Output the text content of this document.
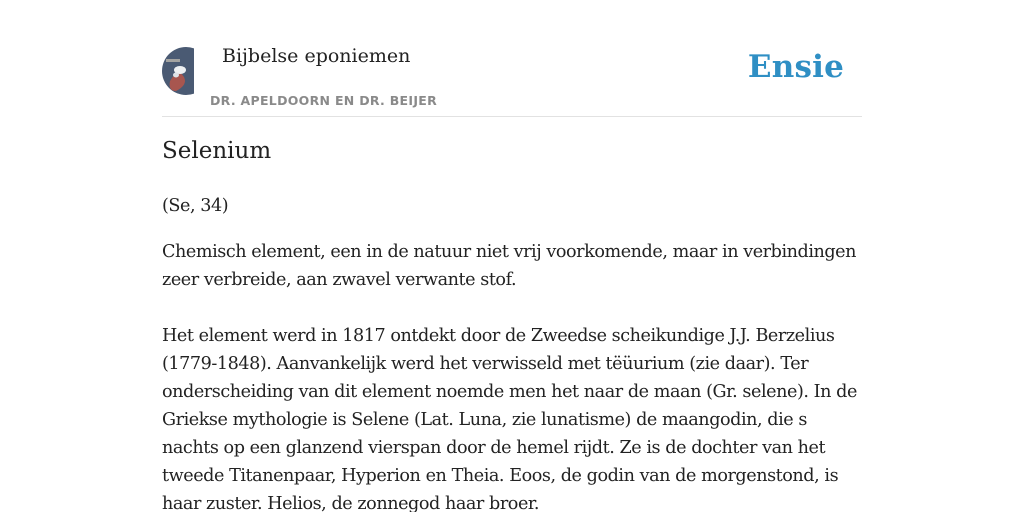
Bijbelse eponiemen
DR. APELDOORN EN DR. BEIJER
Ensie
Selenium

(Se, 34)

Chemisch element, een in de natuur niet vrij voorkomende, maar in verbindingen
zeer verbreide, aan zwavel verwante stof.

Het element werd in 1817 ontdekt door de Zweedse scheikundige J.J. Berzelius
(1779-1848). Aanvankelijk werd het verwisseld met tëüurium (zie daar). Ter
onderscheiding van dit element noemde men het naar de maan (Gr. selene). In de
Griekse mythologie is Selene (Lat. Luna, zie lunatisme) de maangodin, die s
nachts op een glanzend vierspan door de hemel rijdt. Ze is de dochter van het
tweede Titanenpaar, Hyperion en Theia. Eoos, de godin van de morgenstond, is
haar zuster. Helios, de zonnegod haar broer.
